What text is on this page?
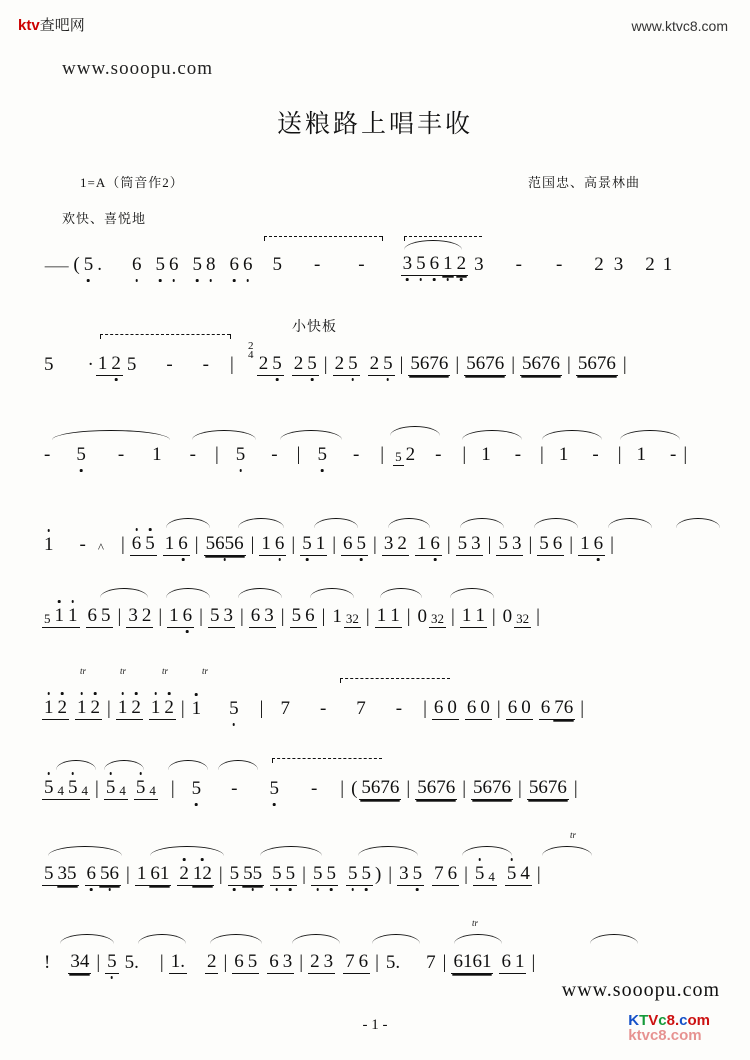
ktv查吧网	www.ktvc8.com
www.sooopu.com
www.sooopu.com
KTVc8.com
ktvc8.com
送粮路上唱丰收
1=A（筒音作2）	范国忠、高景林曲
欢快、喜悦地
⸺ ( 5 . 6 5 6 5 8 6 6 5 - - 3 5 6 1 2 3 - - 2 3 2 1
小快板
2
4
5 · 1 2 5 - - | 2 5 2 5 | 2 5 2 5 | 5676 | 5676 | 5676 | 5676 |
- 5 - 1 - | 5 - | 5 - | 5 2 - | 1 - | 1 - | 1 - |
1 - ^ | 6 5 1 6 | 5656 | 1 6 | 5 1 | 6 5 | 3 2 1 6 | 5 3 | 5 3 | 5 6 | 1 6 |
5 1 1 6 5 | 3 2 | 1 6 | 5 3 | 6 3 | 5 6 | 1 32 | 1 1 | 0 32 | 1 1 | 0 32 |
tr	tr	tr	tr
1 2 1 2 | 1 2 1 2 | 1 5 | 7 - 7 - | 6 0 6 0 | 6 0 6 76 |
5 4 5 4 | 5 4 5 4 | 5 - 5 - | ( 5676 | 5676 | 5676 | 5676 |
tr
5 35 6 56 | 1 61 2 12 | 5 55 5 5 | 5 5 5 5 ) | 3 5 7 6 | 5 4 5 4 |
tr
! 34 | 5 5. | 1. 2 | 6 5 6 3 | 2 3 7 6 | 5. 7 | 6161 6 1 |
- 1 -
